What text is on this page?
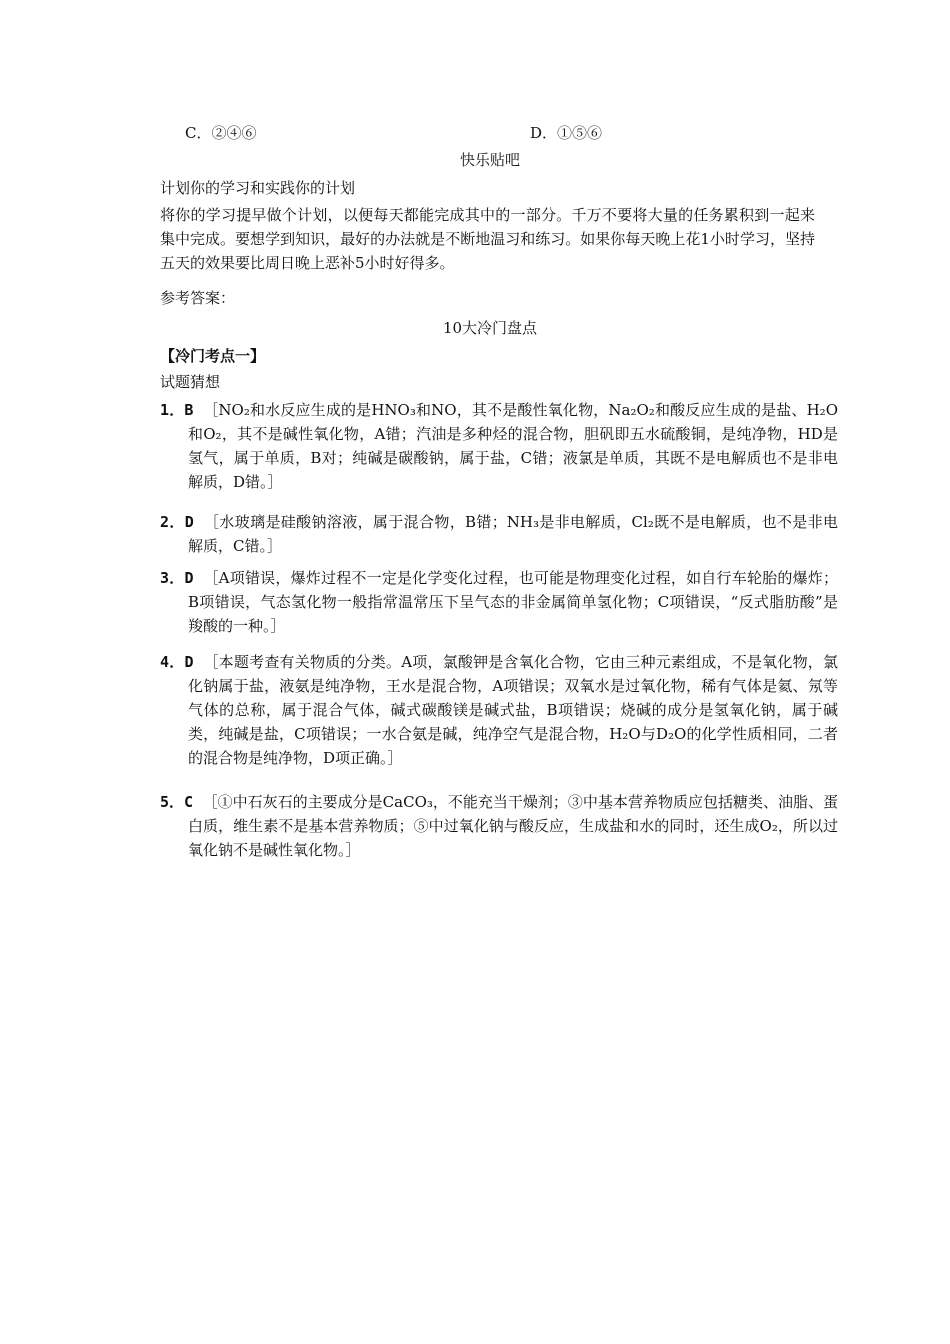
C．②④⑥	D．①⑤⑥
快乐贴吧
计划你的学习和实践你的计划
将你的学习提早做个计划，以便每天都能完成其中的一部分。千万不要将大量的任务累积到一起来集中完成。要想学到知识，最好的办法就是不断地温习和练习。如果你每天晚上花1小时学习，坚持五天的效果要比周日晚上恶补5小时好得多。
参考答案：
10大冷门盘点
【冷门考点一】
试题猜想
1．B ［NO₂和水反应生成的是HNO₃和NO，其不是酸性氧化物，Na₂O₂和酸反应生成的是盐、H₂O和O₂，其不是碱性氧化物，A错；汽油是多种烃的混合物，胆矾即五水硫酸铜，是纯净物，HD是氢气，属于单质，B对；纯碱是碳酸钠，属于盐，C错；液氯是单质，其既不是电解质也不是非电解质，D错。］
2．D ［水玻璃是硅酸钠溶液，属于混合物，B错；NH₃是非电解质，Cl₂既不是电解质，也不是非电解质，C错。］
3．D ［A项错误，爆炸过程不一定是化学变化过程，也可能是物理变化过程，如自行车轮胎的爆炸；B项错误，气态氢化物一般指常温常压下呈气态的非金属简单氢化物；C项错误，“反式脂肪酸”是羧酸的一种。］
4．D ［本题考查有关物质的分类。A项，氯酸钾是含氧化合物，它由三种元素组成，不是氧化物，氯化钠属于盐，液氨是纯净物，王水是混合物，A项错误；双氧水是过氧化物，稀有气体是氦、氖等气体的总称，属于混合气体，碱式碳酸镁是碱式盐，B项错误；烧碱的成分是氢氧化钠，属于碱类，纯碱是盐，C项错误；一水合氨是碱，纯净空气是混合物，H₂O与D₂O的化学性质相同，二者的混合物是纯净物，D项正确。］
5．C ［①中石灰石的主要成分是CaCO₃，不能充当干燥剂；③中基本营养物质应包括糖类、油脂、蛋白质，维生素不是基本营养物质；⑤中过氧化钠与酸反应，生成盐和水的同时，还生成O₂，所以过氧化钠不是碱性氧化物。］
